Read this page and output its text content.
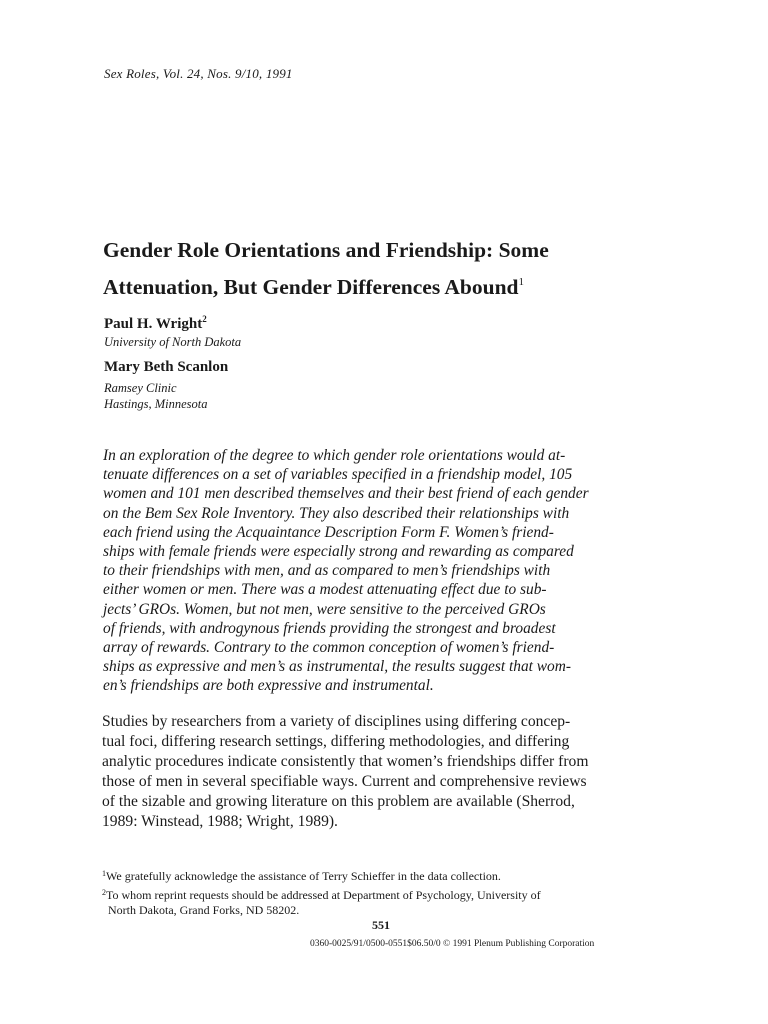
Sex Roles, Vol. 24, Nos. 9/10, 1991
Gender Role Orientations and Friendship: Some
Attenuation, But Gender Differences Abound$^1$

Paul H. Wright$^2$

University of North Dakota

Mary Beth Scanlon

Ramsey Clinic
Hastings, Minnesota
In an exploration of the degree to which gender role orientations would at-
tenuate differences on a set of variables specified in a friendship model, 105
women and 101 men described themselves and their best friend of each gender
on the Bem Sex Role Inventory. They also described their relationships with
each friend using the Acquaintance Description Form F. Women’s friend-
ships with female friends were especially strong and rewarding as compared
to their friendships with men, and as compared to men’s friendships with
either women or men. There was a modest attenuating effect due to sub-
jects’ GROs. Women, but not men, were sensitive to the perceived GROs
of friends, with androgynous friends providing the strongest and broadest
array of rewards. Contrary to the common conception of women’s friend-
ships as expressive and men’s as instrumental, the results suggest that wom-
en’s friendships are both expressive and instrumental.
Studies by researchers from a variety of disciplines using differing concep-
tual foci, differing research settings, differing methodologies, and differing
analytic procedures indicate consistently that women’s friendships differ from
those of men in several specifiable ways. Current and comprehensive reviews
of the sizable and growing literature on this problem are available (Sherrod,
1989: Winstead, 1988; Wright, 1989).
$^1$We gratefully acknowledge the assistance of Terry Schieffer in the data collection.
$^2$To whom reprint requests should be addressed at Department of Psychology, University of
North Dakota, Grand Forks, ND 58202.
551
0360-0025/91/0500-0551$06.50/0 © 1991 Plenum Publishing Corporation
